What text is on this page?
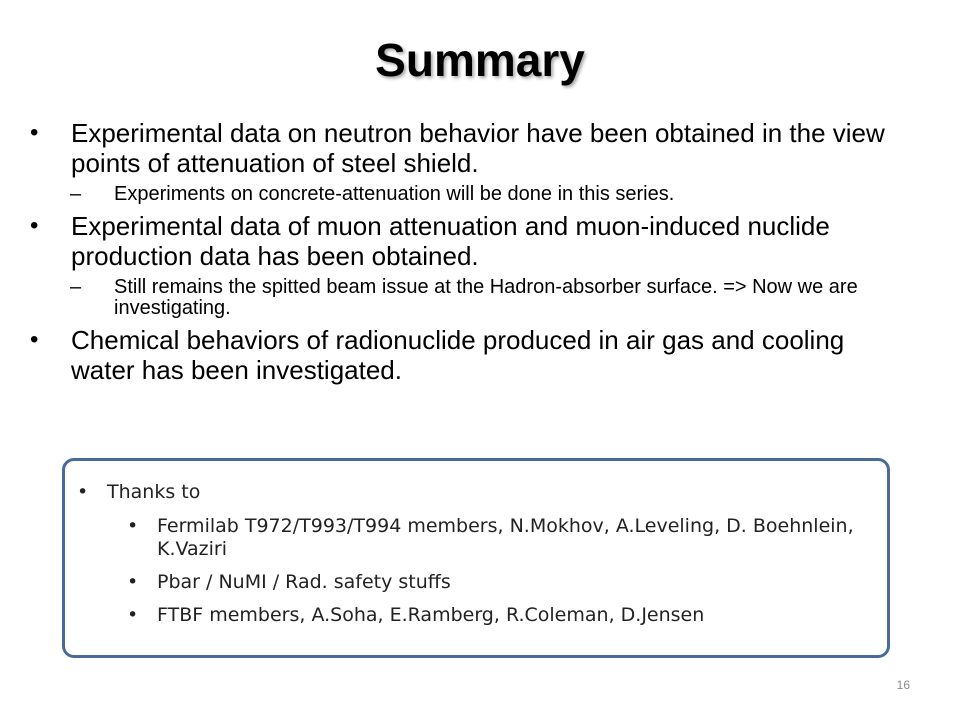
Summary
• Experimental data on neutron behavior have been obtained in the view points of attenuation of steel shield.
– Experiments on concrete-attenuation will be done in this series.
• Experimental data of muon attenuation and muon-induced nuclide production data has been obtained.
– Still remains the spitted beam issue at the Hadron-absorber surface. => Now we are investigating.
• Chemical behaviors of radionuclide produced in air gas and cooling water has been investigated.
• Thanks to
• Fermilab T972/T993/T994 members, N.Mokhov, A.Leveling, D. Boehnlein, K.Vaziri
• Pbar / NuMI / Rad. safety stuffs
• FTBF members, A.Soha, E.Ramberg, R.Coleman, D.Jensen
16
